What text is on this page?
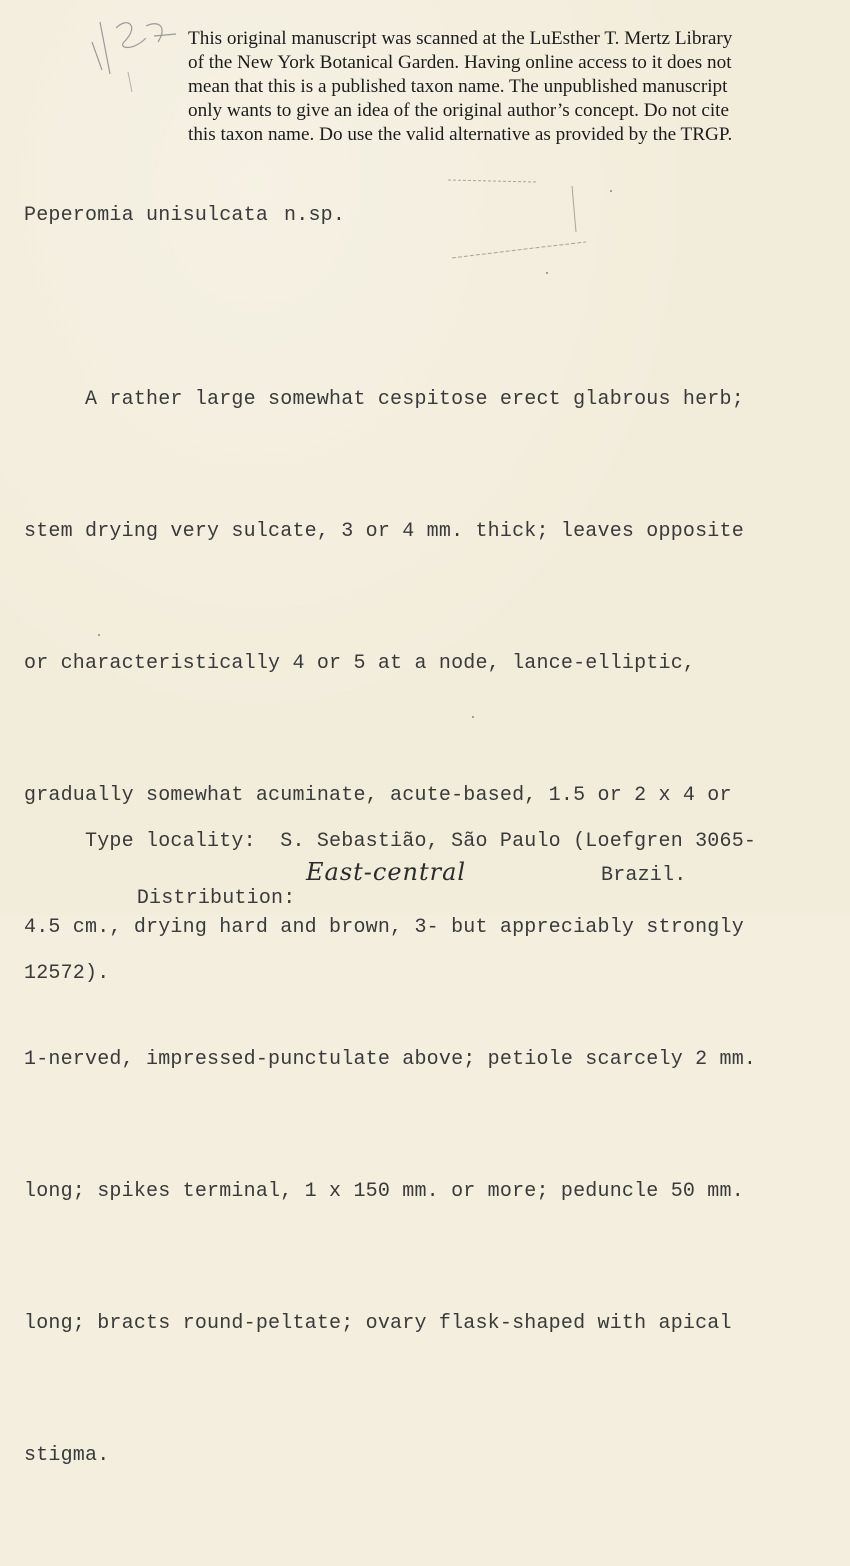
This original manuscript was scanned at the LuEsther T. Mertz Library
of the New York Botanical Garden. Having online access to it does not
mean that this is a published taxon name. The unpublished manuscript
only wants to give an idea of the original author’s concept. Do not cite
this taxon name. Do use the valid alternative as provided by the TRGP.
Peperomia unisulcata n.sp.

A rather large somewhat cespitose erect glabrous herb;

stem drying very sulcate, 3 or 4 mm. thick; leaves opposite

or characteristically 4 or 5 at a node, lance-elliptic,

gradually somewhat acuminate, acute-based, 1.5 or 2 x 4 or

4.5 cm., drying hard and brown, 3- but appreciably strongly

1-nerved, impressed-punctulate above; petiole scarcely 2 mm.

long; spikes terminal, 1 x 150 mm. or more; peduncle 50 mm.

long; bracts round-peltate; ovary flask-shaped with apical

stigma.

Type locality:  S. Sebastião, São Paulo (Loefgren 3065-

12572).

Distribution:

East-central

	Brazil.
